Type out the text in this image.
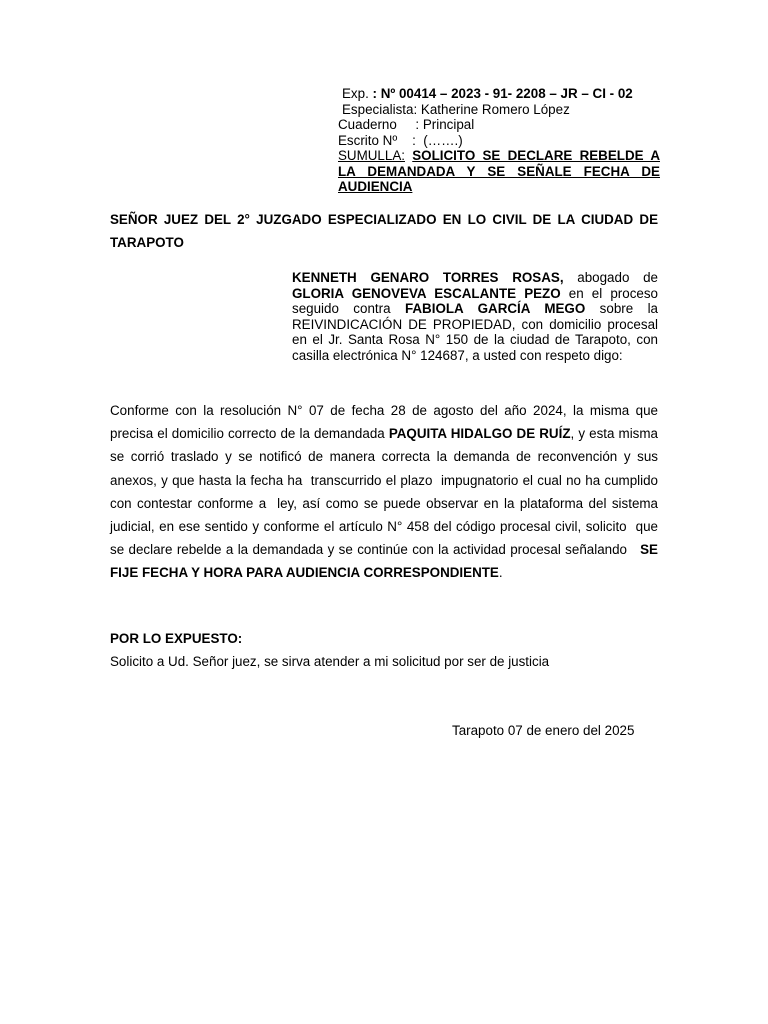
Exp. : Nº 00414 – 2023 - 91- 2208 – JR – CI - 02
Especialista: Katherine Romero López
Cuaderno     : Principal
Escrito Nº    :  (…….)
SUMULLA: SOLICITO SE DECLARE REBELDE A LA DEMANDADA Y SE SEÑALE FECHA DE AUDIENCIA
SEÑOR JUEZ DEL 2° JUZGADO ESPECIALIZADO EN LO CIVIL DE LA CIUDAD DE TARAPOTO
KENNETH GENARO TORRES ROSAS, abogado de GLORIA GENOVEVA ESCALANTE PEZO en el proceso seguido contra FABIOLA GARCÍA MEGO sobre la REIVINDICACIÓN DE PROPIEDAD, con domicilio procesal en el Jr. Santa Rosa N° 150 de la ciudad de Tarapoto, con casilla electrónica N° 124687, a usted con respeto digo:
Conforme con la resolución N° 07 de fecha 28 de agosto del año 2024, la misma que precisa el domicilio correcto de la demandada PAQUITA HIDALGO DE RUÍZ, y esta misma se corrió traslado y se notificó de manera correcta la demanda de reconvención y sus anexos, y que hasta la fecha ha  transcurrido el plazo  impugnatorio el cual no ha cumplido con contestar conforme a  ley, así como se puede observar en la plataforma del sistema judicial, en ese sentido y conforme el artículo N° 458 del código procesal civil, solicito  que se declare rebelde a la demandada y se continúe con la actividad procesal señalando   SE FIJE FECHA Y HORA PARA AUDIENCIA CORRESPONDIENTE.
POR LO EXPUESTO:
Solicito a Ud. Señor juez, se sirva atender a mi solicitud por ser de justicia
Tarapoto 07 de enero del 2025
